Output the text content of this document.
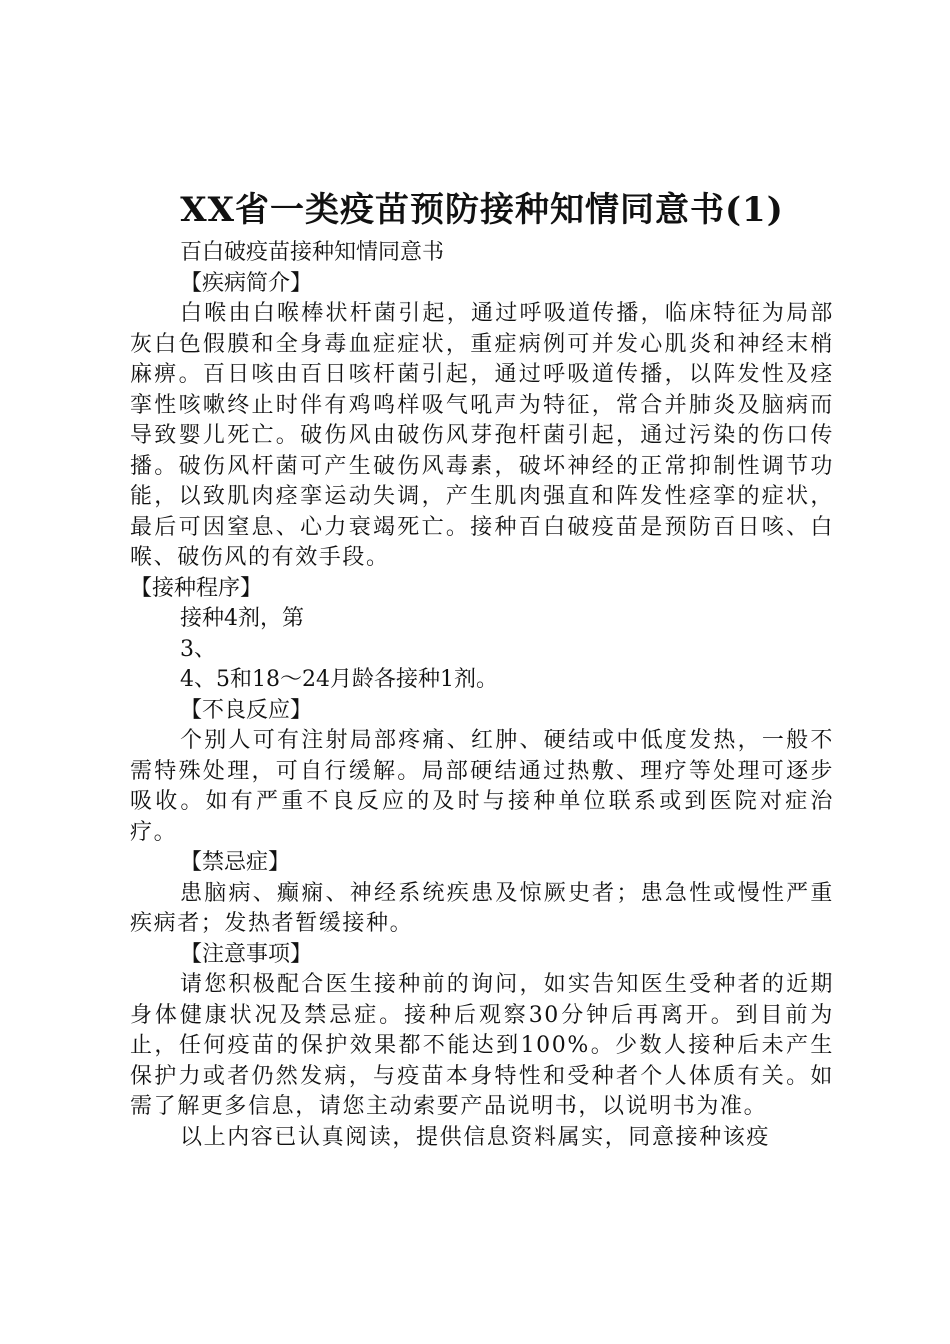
XX省一类疫苗预防接种知情同意书(1)

百白破疫苗接种知情同意书

【疾病简介】

白喉由白喉棒状杆菌引起，通过呼吸道传播，临床特征为局部灰白色假膜和全身毒血症症状，重症病例可并发心肌炎和神经末梢麻痹。百日咳由百日咳杆菌引起，通过呼吸道传播，以阵发性及痉挛性咳嗽终止时伴有鸡鸣样吸气吼声为特征，常合并肺炎及脑病而导致婴儿死亡。破伤风由破伤风芽孢杆菌引起，通过污染的伤口传播。破伤风杆菌可产生破伤风毒素，破坏神经的正常抑制性调节功能，以致肌肉痉挛运动失调，产生肌肉强直和阵发性痉挛的症状，最后可因窒息、心力衰竭死亡。接种百白破疫苗是预防百日咳、白喉、破伤风的有效手段。

【接种程序】

接种4剂，第

3、

4、5和18～24月龄各接种1剂。

【不良反应】

个别人可有注射局部疼痛、红肿、硬结或中低度发热，一般不需特殊处理，可自行缓解。局部硬结通过热敷、理疗等处理可逐步吸收。如有严重不良反应的及时与接种单位联系或到医院对症治疗。

【禁忌症】

患脑病、癫痫、神经系统疾患及惊厥史者；患急性或慢性严重疾病者；发热者暂缓接种。

【注意事项】

请您积极配合医生接种前的询问，如实告知医生受种者的近期身体健康状况及禁忌症。接种后观察30分钟后再离开。到目前为止，任何疫苗的保护效果都不能达到100%。少数人接种后未产生保护力或者仍然发病，与疫苗本身特性和受种者个人体质有关。如需了解更多信息，请您主动索要产品说明书，以说明书为准。

以上内容已认真阅读，提供信息资料属实，同意接种该疫
